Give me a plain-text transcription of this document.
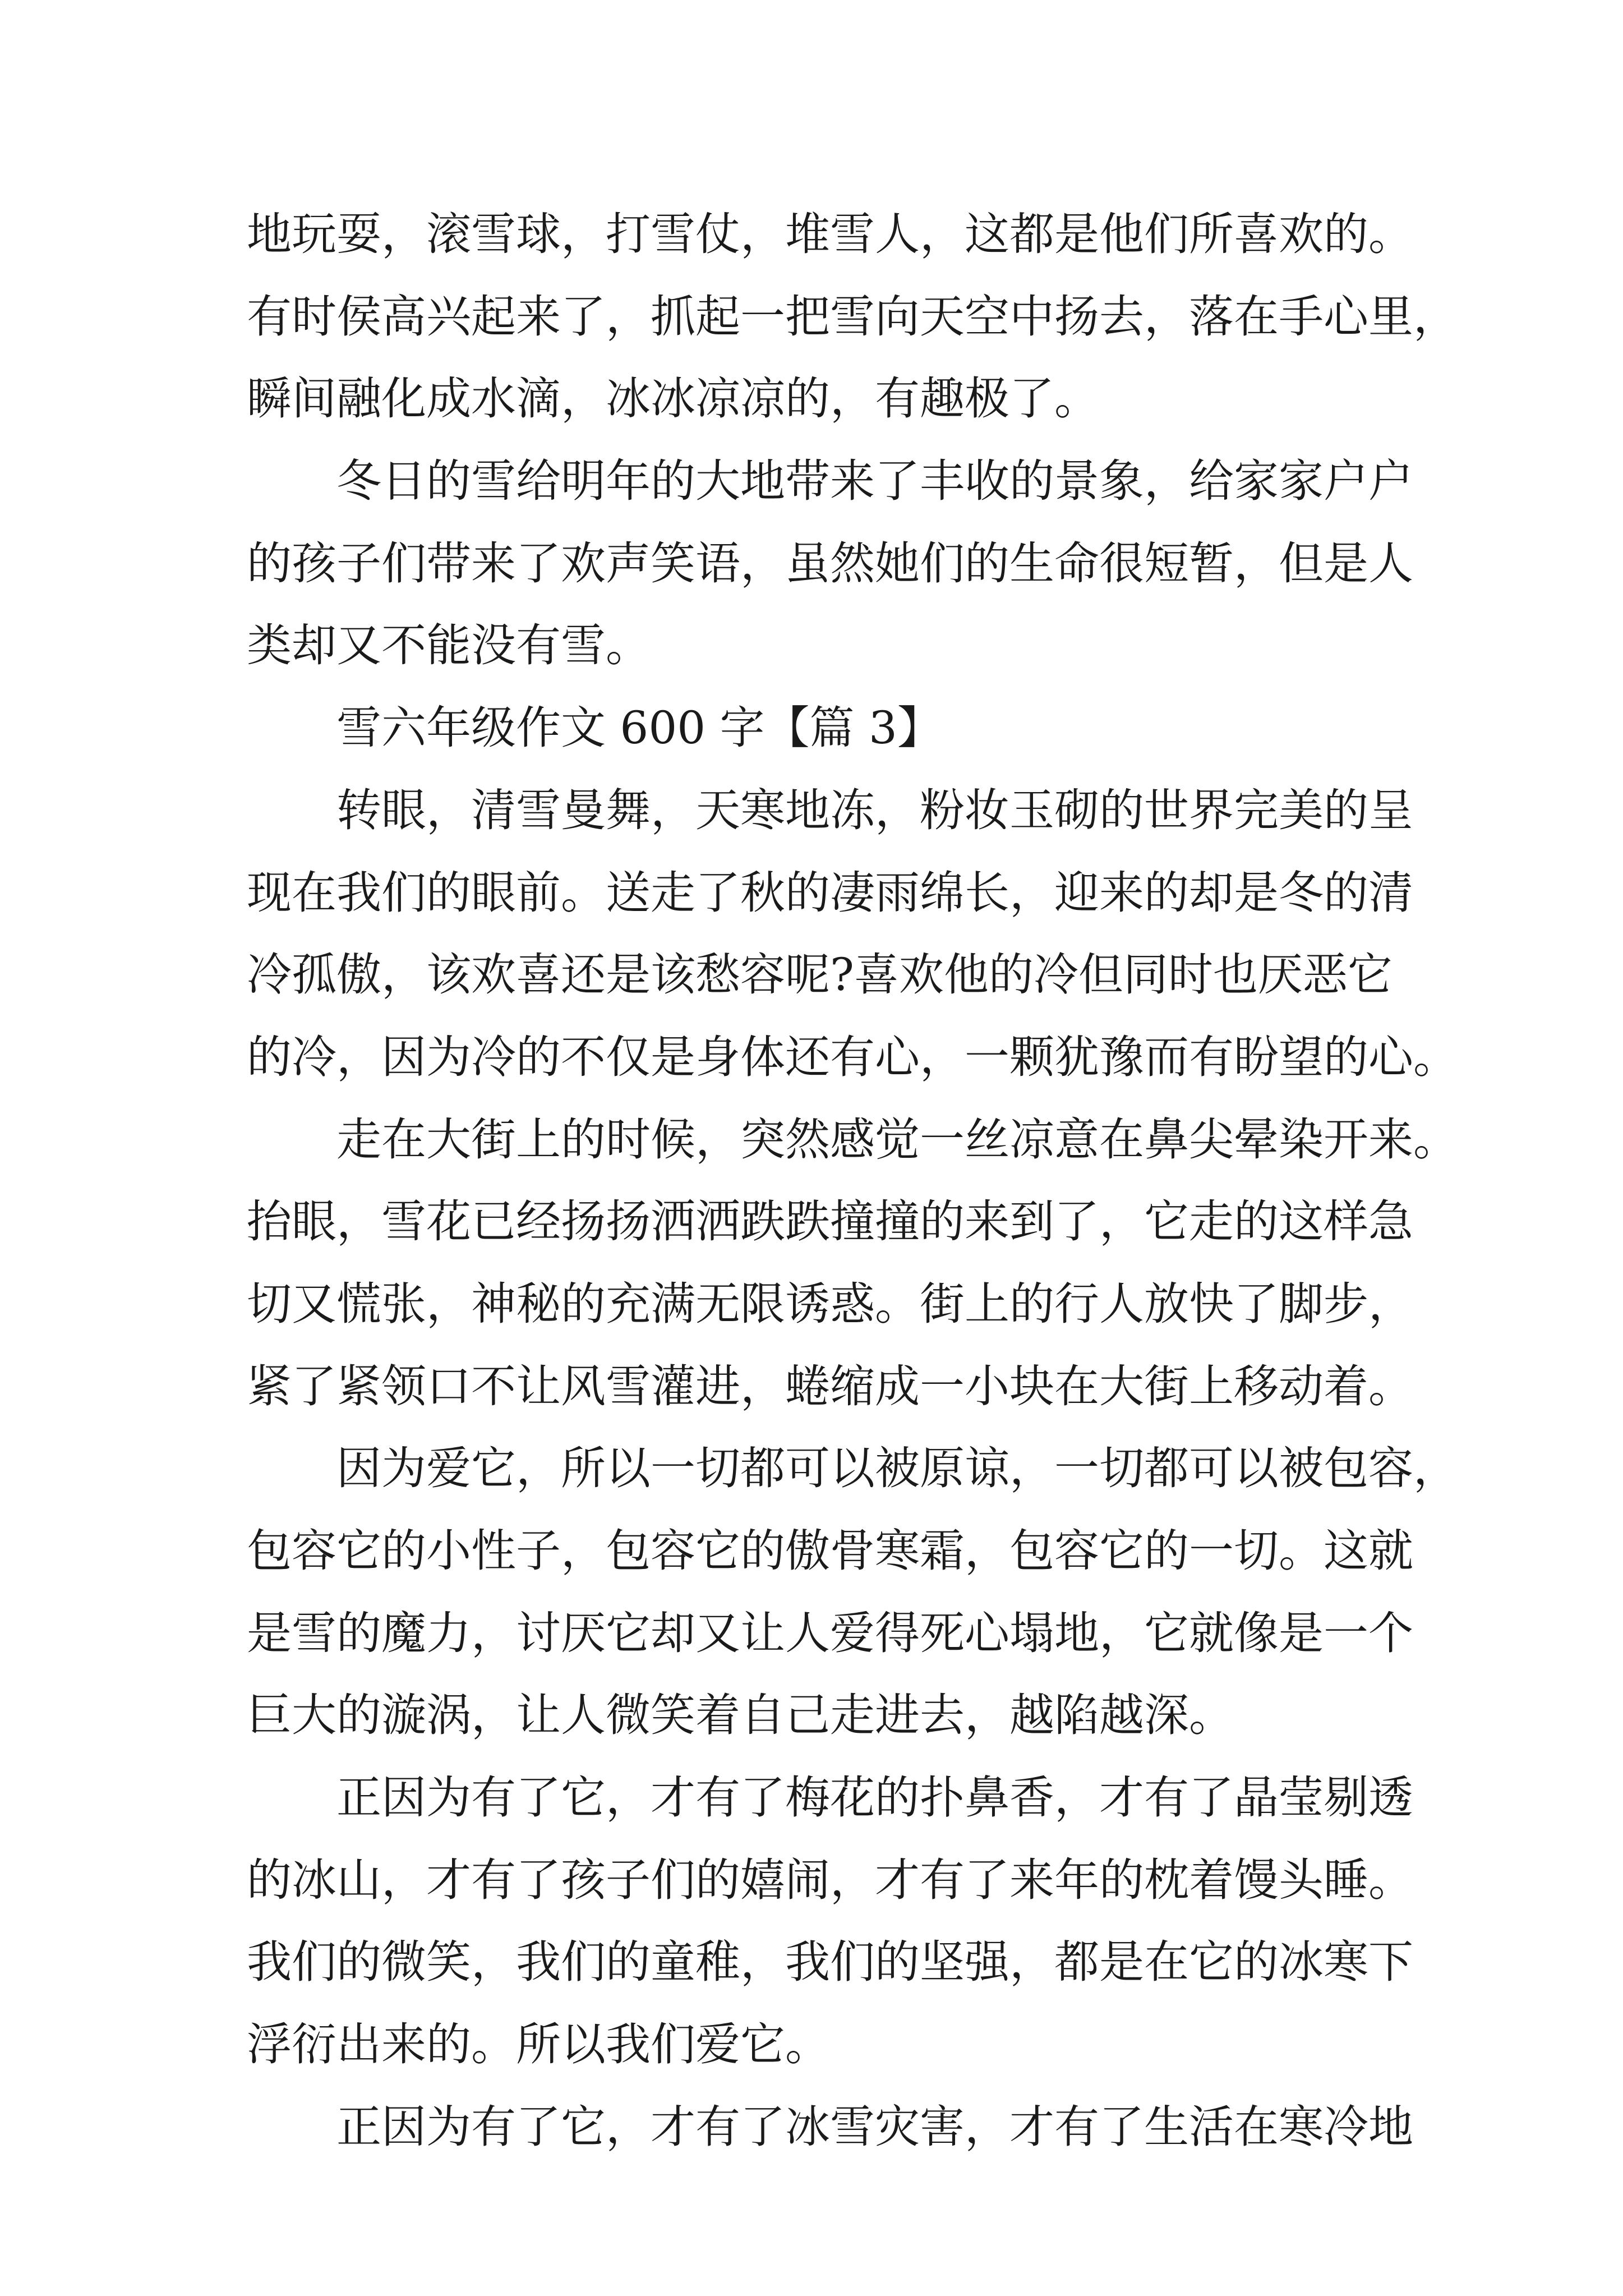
地玩耍，滚雪球，打雪仗，堆雪人，这都是他们所喜欢的。
有时侯高兴起来了，抓起一把雪向天空中扬去，落在手心里，
瞬间融化成水滴，冰冰凉凉的，有趣极了。
冬日的雪给明年的大地带来了丰收的景象，给家家户户
的孩子们带来了欢声笑语，虽然她们的生命很短暂，但是人
类却又不能没有雪。
雪六年级作文 600 字【篇 3】
转眼，清雪曼舞，天寒地冻，粉妆玉砌的世界完美的呈
现在我们的眼前。送走了秋的凄雨绵长，迎来的却是冬的清
冷孤傲，该欢喜还是该愁容呢?喜欢他的冷但同时也厌恶它
的冷，因为冷的不仅是身体还有心，一颗犹豫而有盼望的心。
走在大街上的时候，突然感觉一丝凉意在鼻尖晕染开来。
抬眼，雪花已经扬扬洒洒跌跌撞撞的来到了，它走的这样急
切又慌张，神秘的充满无限诱惑。街上的行人放快了脚步，
紧了紧领口不让风雪灌进，蜷缩成一小块在大街上移动着。
因为爱它，所以一切都可以被原谅，一切都可以被包容，
包容它的小性子，包容它的傲骨寒霜，包容它的一切。这就
是雪的魔力，讨厌它却又让人爱得死心塌地，它就像是一个
巨大的漩涡，让人微笑着自己走进去，越陷越深。
正因为有了它，才有了梅花的扑鼻香，才有了晶莹剔透
的冰山，才有了孩子们的嬉闹，才有了来年的枕着馒头睡。
我们的微笑，我们的童稚，我们的坚强，都是在它的冰寒下
浮衍出来的。所以我们爱它。
正因为有了它，才有了冰雪灾害，才有了生活在寒冷地
